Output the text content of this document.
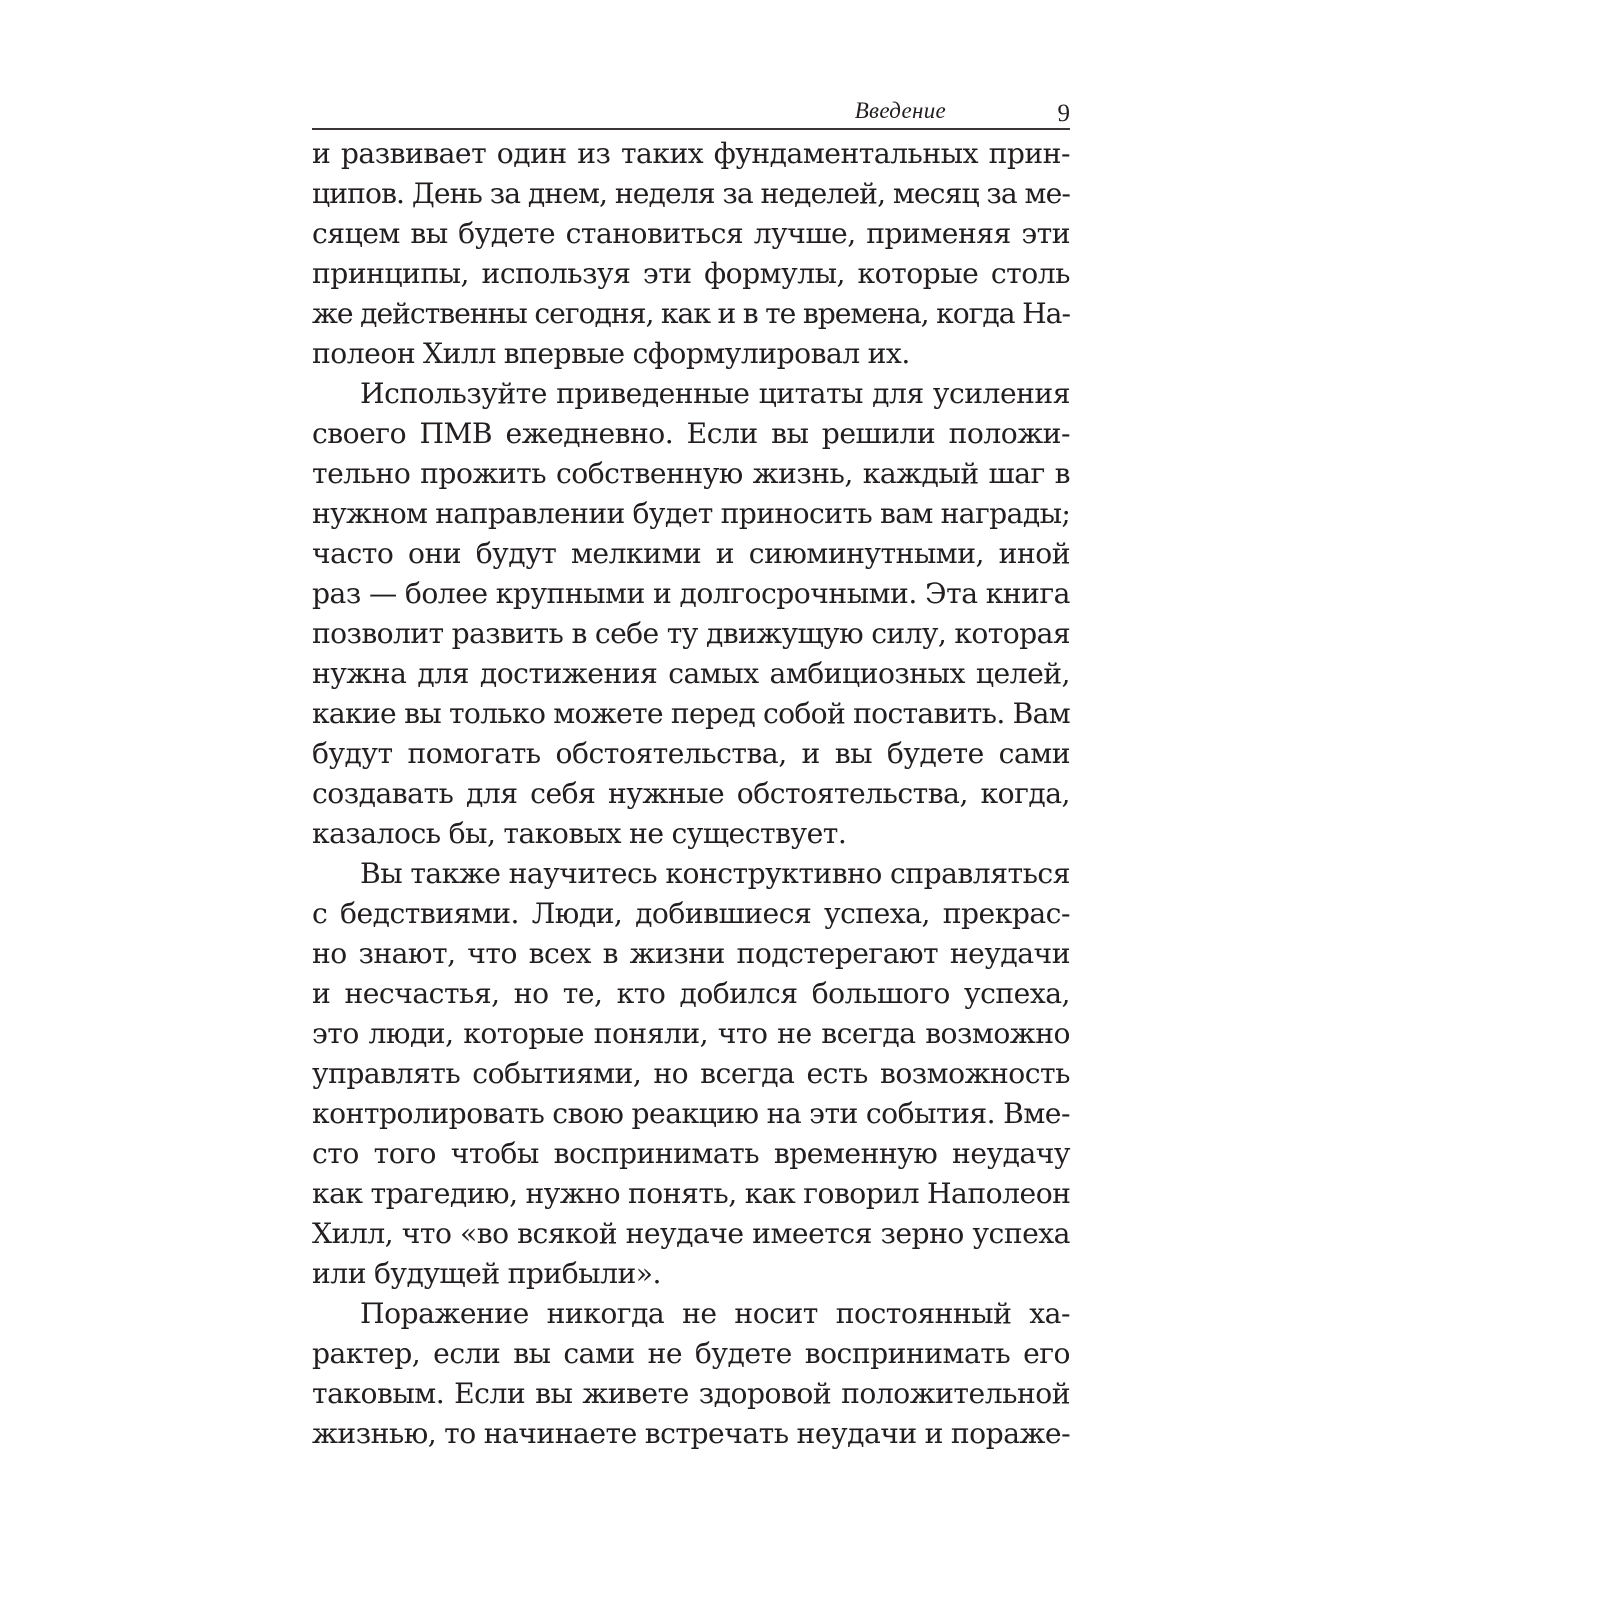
Введение	9
и развивает один из таких фундаментальных прин-
ципов. День за днем, неделя за неделей, месяц за ме-
сяцем вы будете становиться лучше, применяя эти
принципы, используя эти формулы, которые столь
же действенны сегодня, как и в те времена, когда На-
полеон Хилл впервые сформулировал их.
Используйте приведенные цитаты для усиления
своего ПМВ ежедневно. Если вы решили положи-
тельно прожить собственную жизнь, каждый шаг в
нужном направлении будет приносить вам награды;
часто они будут мелкими и сиюминутными, иной
раз — более крупными и долгосрочными. Эта книга
позволит развить в себе ту движущую силу, которая
нужна для достижения самых амбициозных целей,
какие вы только можете перед собой поставить. Вам
будут помогать обстоятельства, и вы будете сами
создавать для себя нужные обстоятельства, когда,
казалось бы, таковых не существует.
Вы также научитесь конструктивно справляться
с бедствиями. Люди, добившиеся успеха, прекрас-
но знают, что всех в жизни подстерегают неудачи
и несчастья, но те, кто добился большого успеха,
это люди, которые поняли, что не всегда возможно
управлять событиями, но всегда есть возможность
контролировать свою реакцию на эти события. Вме-
сто того чтобы воспринимать временную неудачу
как трагедию, нужно понять, как говорил Наполеон
Хилл, что «во всякой неудаче имеется зерно успеха
или будущей прибыли».
Поражение никогда не носит постоянный ха-
рактер, если вы сами не будете воспринимать его
таковым. Если вы живете здоровой положительной
жизнью, то начинаете встречать неудачи и пораже-
